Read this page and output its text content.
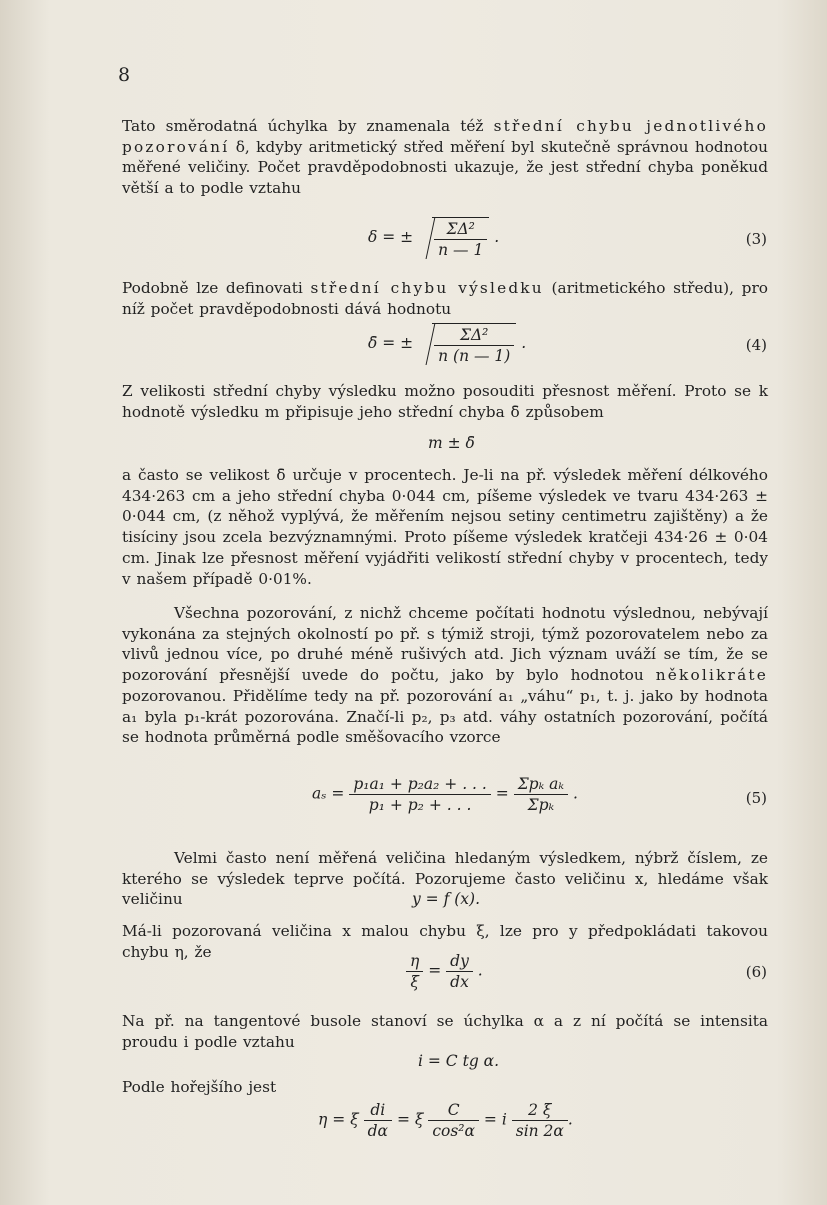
8
Tato směrodatná úchylka by znamenala též střední chybu jednotlivého pozorování δ, kdyby aritmetický střed měření byl skutečně správnou hodnotou měřené veličiny. Počet pravděpodobnosti ukazuje, že jest střední chyba poněkud větší a to podle vztahu
δ = ± $\frac{\text{ΣΔ²}}{n — 1}$ .	(3)
Podobně lze definovati střední chybu výsledku (aritmetického středu), pro níž počet pravděpodobnosti dává hodnotu
δ̄ = ± $\frac{\text{ΣΔ²}}{n (n — 1)}$ .	(4)
Z velikosti střední chyby výsledku možno posouditi přesnost měření. Proto se k hodnotě výsledku m připisuje jeho střední chyba δ̄ způsobem
m ± δ̄
a často se velikost δ̄ určuje v procentech. Je-li na př. výsledek měření délkového 434·263 cm a jeho střední chyba 0·044 cm, píšeme výsledek ve tvaru 434·263 ± 0·044 cm, (z něhož vyplývá, že měřením nejsou setiny centimetru zajištěny) a že tisíciny jsou zcela bezvýznamnými. Proto píšeme výsledek kratčeji 434·26 ± 0·04 cm. Jinak lze přesnost měření vyjádřiti velikostí střední chyby v procentech, tedy v našem případě 0·01%.
Všechna pozorování, z nichž chceme počítati hodnotu výslednou, nebývají vykonána za stejných okolností po př. s týmiž stroji, týmž pozorovatelem nebo za vlivů jednou více, po druhé méně rušivých atd. Jich význam uváží se tím, že se pozorování přesnější uvede do počtu, jako by bylo hodnotou několikráte pozorovanou. Přidělíme tedy na př. pozorování a₁ „váhu“ p₁, t. j. jako by hodnota a₁ byla p₁-krát pozorována. Značí-li p₂, p₃ atd. váhy ostatních pozorování, počítá se hodnota průměrná podle směšovacího vzorce
$a_s = \frac{\text{p₁a₁ + p₂a₂ + . . .}}{\text{p₁ + p₂ + . . .}} = \frac{\text{Σpₖ aₖ}}{\text{Σpₖ}}$ .	(5)
Velmi často není měřená veličina hledaným výsledkem, nýbrž číslem, ze kterého se výsledek teprve počítá. Pozorujeme často veličinu x, hledáme však veličinu	y = f (x).
Má-li pozorovaná veličina x malou chybu ξ, lze pro y předpokládati takovou chybu η, že
$\frac{\eta}{\xi} = \frac{dy}{dx}$ .	(6)
Na př. na tangentové busole stanoví se úchylka α a z ní počítá se intensita proudu i podle vztahu
i = C tg α.
Podle hořejšího jest
η = ξ $\frac{di}{d\alpha} = \xi \frac{C}{\text{cos²α}} = i \frac{2 \xi}{\sin 2\alpha}$ .
